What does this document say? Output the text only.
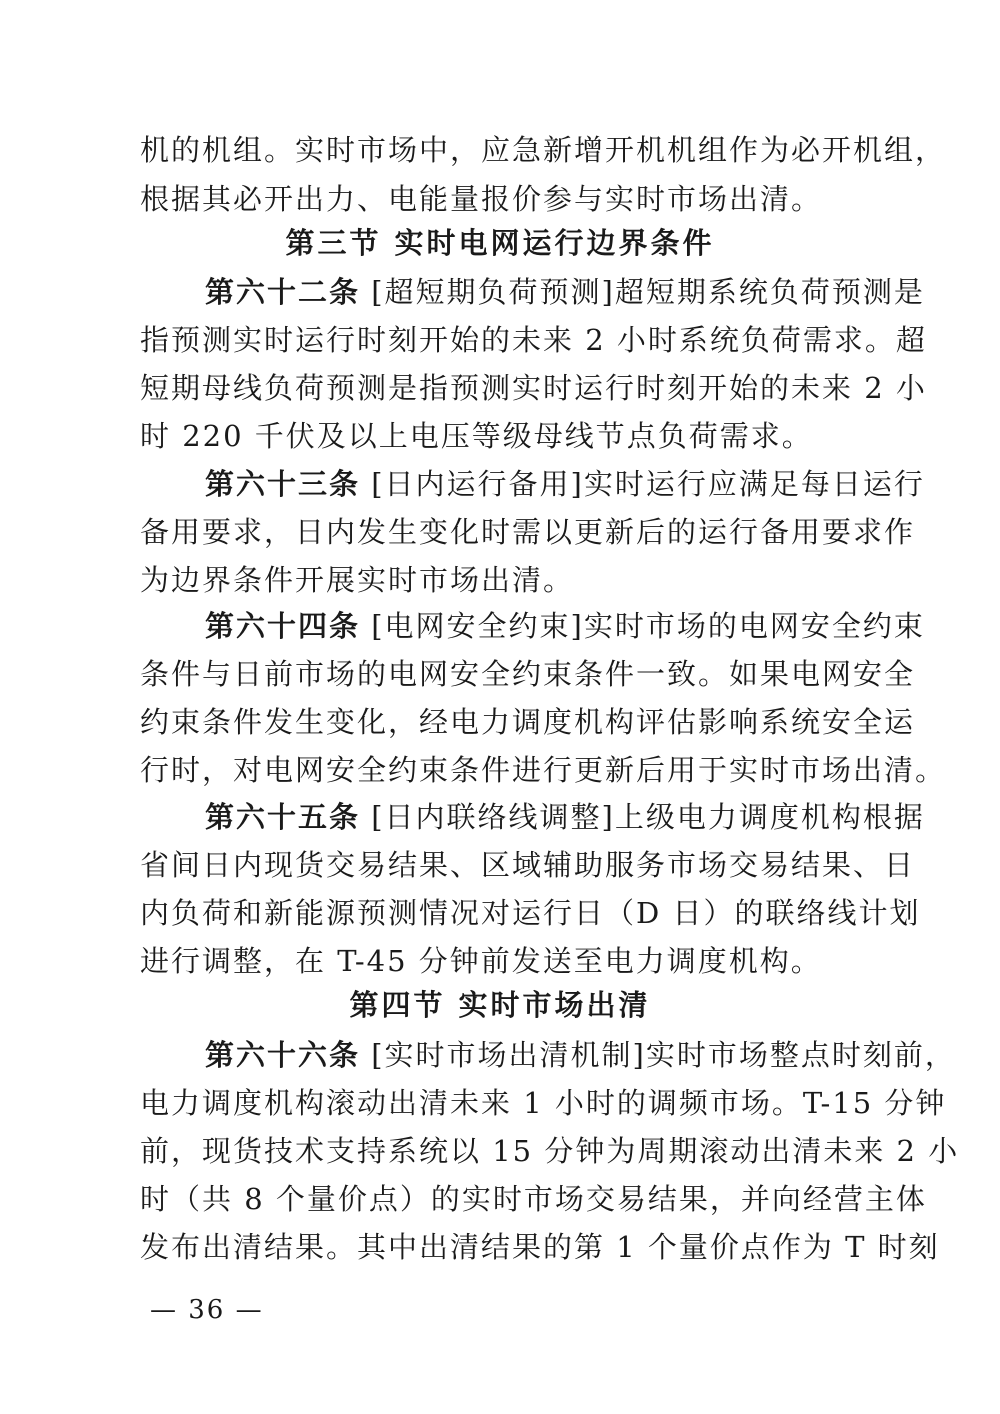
机的机组。实时市场中，应急新增开机机组作为必开机组，
根据其必开出力、电能量报价参与实时市场出清。
第三节 实时电网运行边界条件
第六十二条 [超短期负荷预测]超短期系统负荷预测是
指预测实时运行时刻开始的未来 2 小时系统负荷需求。超
短期母线负荷预测是指预测实时运行时刻开始的未来 2 小
时 220 千伏及以上电压等级母线节点负荷需求。
第六十三条 [日内运行备用]实时运行应满足每日运行
备用要求，日内发生变化时需以更新后的运行备用要求作
为边界条件开展实时市场出清。
第六十四条 [电网安全约束]实时市场的电网安全约束
条件与日前市场的电网安全约束条件一致。如果电网安全
约束条件发生变化，经电力调度机构评估影响系统安全运
行时，对电网安全约束条件进行更新后用于实时市场出清。
第六十五条 [日内联络线调整]上级电力调度机构根据
省间日内现货交易结果、区域辅助服务市场交易结果、日
内负荷和新能源预测情况对运行日（D 日）的联络线计划
进行调整，在 T-45 分钟前发送至电力调度机构。
第四节 实时市场出清
第六十六条 [实时市场出清机制]实时市场整点时刻前，
电力调度机构滚动出清未来 1 小时的调频市场。T-15 分钟
前，现货技术支持系统以 15 分钟为周期滚动出清未来 2 小
时（共 8 个量价点）的实时市场交易结果，并向经营主体
发布出清结果。其中出清结果的第 1 个量价点作为 T 时刻
— 36 —
